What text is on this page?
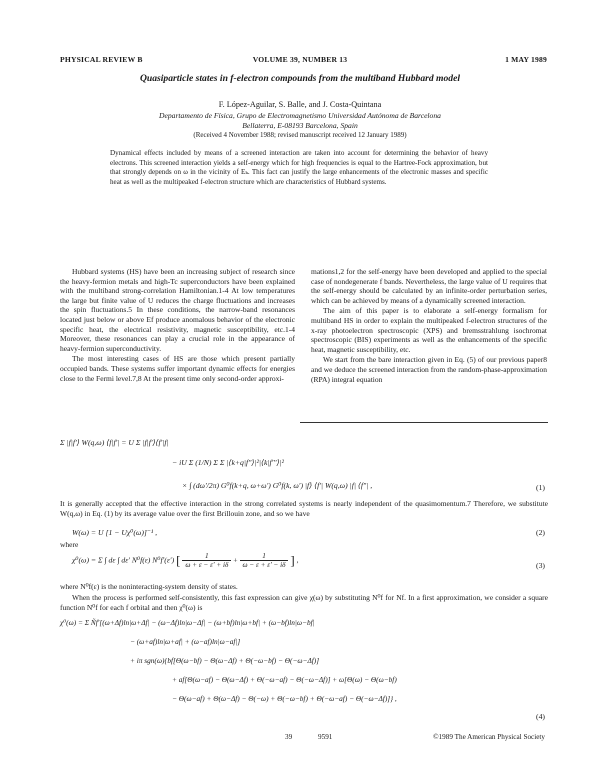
PHYSICAL REVIEW B	VOLUME 39, NUMBER 13	1 MAY 1989
Quasiparticle states in f-electron compounds from the multiband Hubbard model
F. López-Aguilar, S. Balle, and J. Costa-Quintana
Departamento de Física, Grupo de Electromagnetismo Universidad Autónoma de Barcelona
Bellaterra, E-08193 Barcelona, Spain
(Received 4 November 1988; revised manuscript received 12 January 1989)
Dynamical effects included by means of a screened interaction are taken into account for determining the behavior of heavy electrons. This screened interaction yields a self-energy which for high frequencies is equal to the Hartree-Fock approximation, but that strongly depends on ω in the vicinity of Eₖ. This fact can justify the large enhancements of the electronic masses and specific heat as well as the multipeaked f-electron structure which are characteristics of Hubbard systems.

Hubbard systems (HS) have been an increasing subject of research since the heavy-fermion metals and high-Tc superconductors have been explained with the multiband strong-correlation Hamiltonian.1-4 At low temperatures the large but finite value of U reduces the charge fluctuations and increases the spin fluctuations.5 In these conditions, the narrow-band resonances located just below or above Ef produce anomalous behavior of the electronic specific heat, the electrical resistivity, magnetic susceptibility, etc.1-4 Moreover, these resonances can play a crucial role in the appearance of heavy-fermion superconductivity.

The most interesting cases of HS are those which present partially occupied bands. These systems suffer important dynamic effects for energies close to the Fermi level.7,8 At the present time only second-order approxi-

mations1,2 for the self-energy have been developed and applied to the special case of nondegenerate f bands. Nevertheless, the large value of U requires that the self-energy should be calculated by an infinite-order perturbation series, which can be achieved by means of a dynamically screened interaction.

The aim of this paper is to elaborate a self-energy formalism for multiband HS in order to explain the multipeaked f-electron structures of the x-ray photoelectron spectroscopic (XPS) and bremsstrahlung isochromat spectroscopic (BIS) experiments as well as the enhancements of the specific heat, magnetic susceptibility, etc.

We start from the bare interaction given in Eq. (5) of our previous paper8 and we deduce the screened interaction from the random-phase-approximation (RPA) integral equation

Σ |f|f'⟩ W(q,ω) ⟨f|f'| = U Σ |f|f'⟩⟨f'|f|
− iU Σ (1/N) Σ Σ |⟨k+q|f''⟩|²|⟨k|f'''⟩|²
× ∫ (dω'/2π) G⁰f(k+q, ω+ω′) G⁰f(k, ω′) |f⟩ ⟨f′| W(q,ω) |f| ⟨f″| ,	(1)
It is generally accepted that the effective interaction in the strong correlated systems is nearly independent of the quasimomentum.7 Therefore, we substitute W(q,ω) in Eq. (1) by its average value over the first Brillouin zone, and so we have
W(ω) = U [1 − Uχ⁰(ω)]⁻¹ ,	(2)
where
χ⁰(ω) = Σ ∫ dε ∫ dε′ N⁰f(ε) N⁰f′(ε′) [ $\frac{1}{\omega + \varepsilon - \varepsilon' + i\delta} + \frac{1}{\omega - \varepsilon + \varepsilon' - i\delta}$ ] ,
(3)
where N⁰f(ε) is the noninteracting-system density of states.
When the process is performed self-consistently, this fast expression can give χ(ω) by substituting N⁰f for Nf. In a first approximation, we consider a square function N⁰f for each f orbital and then χ⁰(ω) is
χ⁰(ω) = Σ Ñf′[(ω+Δf)ln|ω+Δf| − (ω−Δf)ln|ω−Δf| − (ω+bf)ln|ω+bf| + (ω−bf)ln|ω−bf|
− (ω+af)ln|ω+af| + (ω−af)ln|ω−af|]
+ iπ sgn(ω){bf[Θ(ω−bf) − Θ(ω−Δf) + Θ(−ω−bf) − Θ(−ω−Δf)]
+ af[Θ(ω−af) − Θ(ω−Δf) + Θ(−ω−af) − Θ(−ω−Δf)] + ω[Θ(ω) − Θ(ω−bf)
− Θ(ω−af) + Θ(ω−Δf) − Θ(−ω) + Θ(−ω−bf) + Θ(−ω−af) − Θ(−ω−Δf)]} ,
(4)
39	9591	©1989 The American Physical Society
